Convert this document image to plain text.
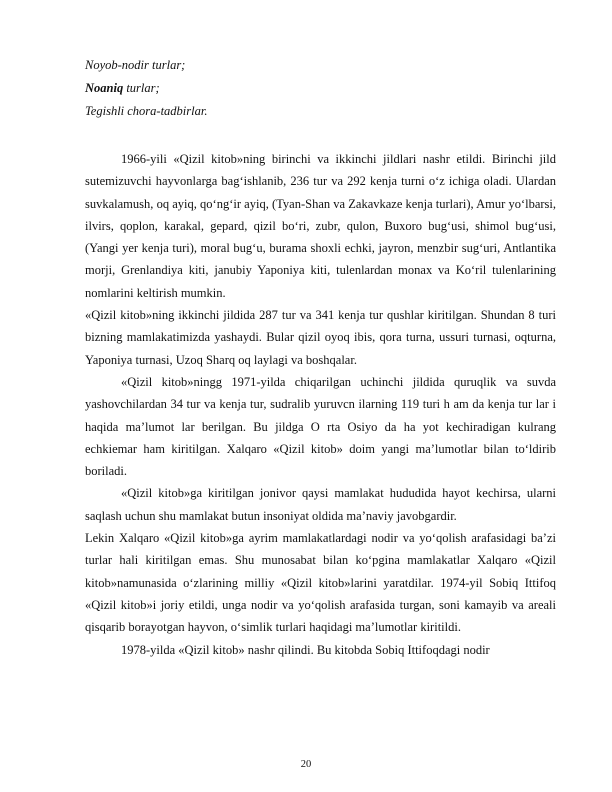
Noyob-nodir turlar;
Noaniq turlar;
Tegishli chora-tadbirlar.

1966-yili «Qizil kitob»ning birinchi va ikkinchi jildlari nashr etildi. Birinchi jild sutemizuvchi hayvonlarga bag‘ishlanib, 236 tur va 292 kenja turni o‘z ichiga oladi. Ulardan suvkalamush, oq ayiq, qo‘ng‘ir ayiq, (Tyan-Shan va Zakavkaze kenja turlari), Amur yo‘lbarsi, ilvirs, qoplon, karakal, gepard, qizil bo‘ri, zubr, qulon, Buxoro bug‘usi, shimol bug‘usi, (Yangi yer kenja turi), moral bug‘u, burama shoxli echki, jayron, menzbir sug‘uri, Antlantika morji, Grenlandiya kiti, janubiy Yaponiya kiti, tulenlardan monax va Ko‘ril tulenlarining nomlarini keltirish mumkin.

«Qizil kitob»ning ikkinchi jildida 287 tur va 341 kenja tur qushlar kiritilgan. Shundan 8 turi bizning mamlakatimizda yashaydi. Bular qizil oyoq ibis, qora turna, ussuri turnasi, oqturna, Yaponiya turnasi, Uzoq Sharq oq laylagi va boshqalar.

«Qizil kitob»ningg 1971-yilda chiqarilgan uchinchi jildida quruqlik va suvda yashovchilardan 34 tur va kenja tur, sudralib yuruvcn ilarning 119 turi h am da kenja tur lar i haqida ma’lumot lar berilgan. Bu jildga O rta Osiyo da ha yot kechiradigan kulrang echkiemar ham kiritilgan. Xalqaro «Qizil kitob» doim yangi ma’lumotlar bilan to‘ldirib boriladi.

«Qizil kitob»ga kiritilgan jonivor qaysi mamlakat hududida hayot kechirsa, ularni saqlash uchun shu mamlakat butun insoniyat oldida ma’naviy javobgardir.

Lekin Xalqaro «Qizil kitob»ga ayrim mamlakatlardagi nodir va yo‘qolish arafasidagi ba’zi turlar hali kiritilgan emas. Shu munosabat bilan ko‘pgina mamlakatlar Xalqaro «Qizil kitob»namunasida o‘zlarining milliy «Qizil kitob»larini yaratdilar. 1974-yil Sobiq Ittifoq «Qizil kitob»i joriy etildi, unga nodir va yo‘qolish arafasida turgan, soni kamayib va areali qisqarib borayotgan hayvon, o‘simlik turlari haqidagi ma’lumotlar kiritildi.

1978-yilda «Qizil kitob» nashr qilindi. Bu kitobda Sobiq Ittifoqdagi nodir

20
